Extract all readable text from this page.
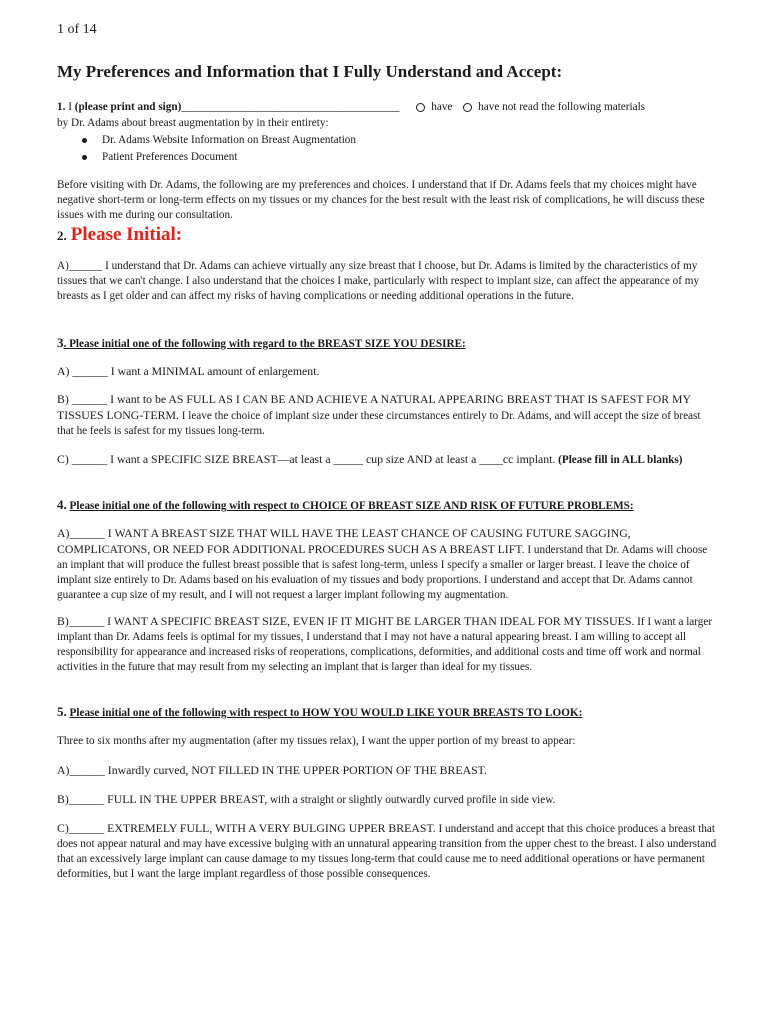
1 of 14
My Preferences and Information that I Fully Understand and Accept:
1. I (please print and sign)_______________________________________	have have not read the following materials
by Dr. Adams about breast augmentation by in their entirety:
Dr. Adams Website Information on Breast Augmentation
Patient Preferences Document
Before visiting with Dr. Adams, the following are my preferences and choices. I understand that if Dr. Adams feels that my choices might have negative short-term or long-term effects on my tissues or my chances for the best result with the least risk of complications, he will discuss these issues with me during our consultation.
2. Please Initial:
A)______ I understand that Dr. Adams can achieve virtually any size breast that I choose, but Dr. Adams is limited by the characteristics of my tissues that we can't change. I also understand that the choices I make, particularly with respect to implant size, can affect the appearance of my breasts as I get older and can affect my risks of having complications or needing additional operations in the future.
3. Please initial one of the following with regard to the BREAST SIZE YOU DESIRE:
A) ______ I want a MINIMAL amount of enlargement.
B) ______ I want to be AS FULL AS I CAN BE AND ACHIEVE A NATURAL APPEARING BREAST THAT IS SAFEST FOR MY TISSUES LONG-TERM. I leave the choice of implant size under these circumstances entirely to Dr. Adams, and will accept the size of breast that he feels is safest for my tissues long-term.
C) ______ I want a SPECIFIC SIZE BREAST—at least a _____ cup size AND at least a ____cc implant. (Please fill in ALL blanks)
4. Please initial one of the following with respect to CHOICE OF BREAST SIZE AND RISK OF FUTURE PROBLEMS:
A)______ I WANT A BREAST SIZE THAT WILL HAVE THE LEAST CHANCE OF CAUSING FUTURE SAGGING, COMPLICATONS, OR NEED FOR ADDITIONAL PROCEDURES SUCH AS A BREAST LIFT. I understand that Dr. Adams will choose an implant that will produce the fullest breast possible that is safest long-term, unless I specify a smaller or larger breast. I leave the choice of implant size entirely to Dr. Adams based on his evaluation of my tissues and body proportions. I understand and accept that Dr. Adams cannot guarantee a cup size of my result, and I will not request a larger implant following my augmentation.
B)______ I WANT A SPECIFIC BREAST SIZE, EVEN IF IT MIGHT BE LARGER THAN IDEAL FOR MY TISSUES. If I want a larger implant than Dr. Adams feels is optimal for my tissues, I understand that I may not have a natural appearing breast. I am willing to accept all responsibility for appearance and increased risks of reoperations, complications, deformities, and additional costs and time off work and normal activities in the future that may result from my selecting an implant that is larger than ideal for my tissues.
5. Please initial one of the following with respect to HOW YOU WOULD LIKE YOUR BREASTS TO LOOK:
Three to six months after my augmentation (after my tissues relax), I want the upper portion of my breast to appear:
A)______ Inwardly curved, NOT FILLED IN THE UPPER PORTION OF THE BREAST.
B)______ FULL IN THE UPPER BREAST, with a straight or slightly outwardly curved profile in side view.
C)______ EXTREMELY FULL, WITH A VERY BULGING UPPER BREAST. I understand and accept that this choice produces a breast that does not appear natural and may have excessive bulging with an unnatural appearing transition from the upper chest to the breast. I also understand that an excessively large implant can cause damage to my tissues long-term that could cause me to need additional operations or have permanent deformities, but I want the large implant regardless of those possible consequences.
